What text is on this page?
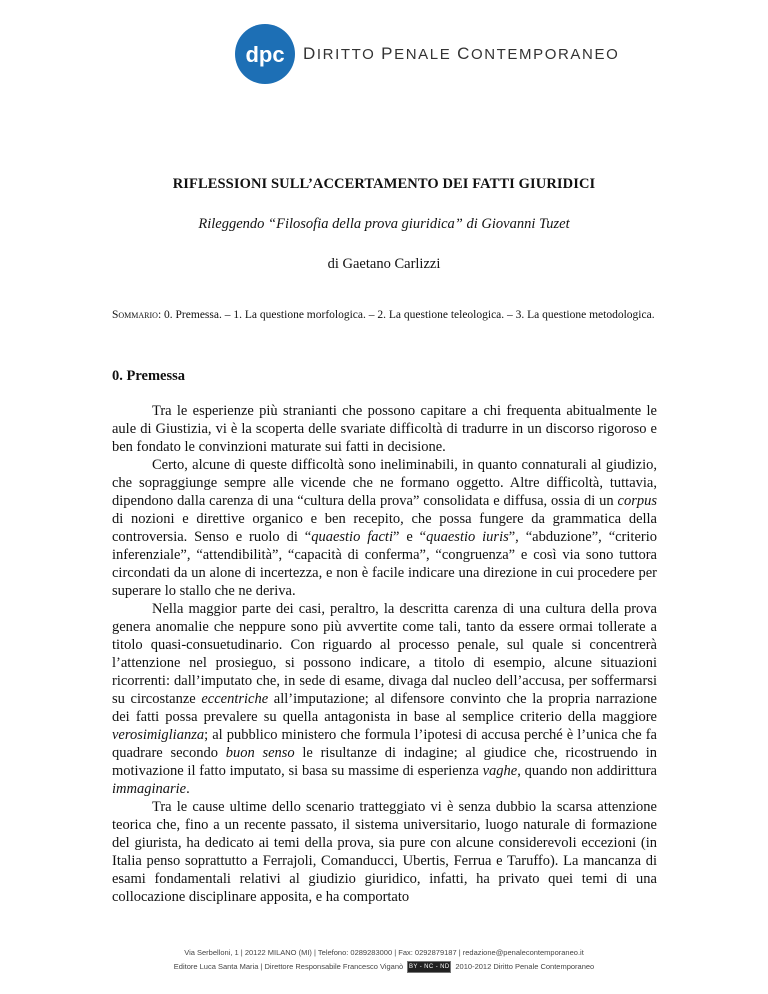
dpc DIRITTO PENALE CONTEMPORANEO
RIFLESSIONI SULL’ACCERTAMENTO DEI FATTI GIURIDICI
Rileggendo “Filosofia della prova giuridica” di Giovanni Tuzet
di Gaetano Carlizzi
Sommario: 0. Premessa. – 1. La questione morfologica. – 2. La questione teleologica. – 3. La questione metodologica.
0. Premessa

Tra le esperienze più stranianti che possono capitare a chi frequenta abitualmente le aule di Giustizia, vi è la scoperta delle svariate difficoltà di tradurre in un discorso rigoroso e ben fondato le convinzioni maturate sui fatti in decisione.

Certo, alcune di queste difficoltà sono ineliminabili, in quanto connaturali al giudizio, che sopraggiunge sempre alle vicende che ne formano oggetto. Altre difficoltà, tuttavia, dipendono dalla carenza di una “cultura della prova” consolidata e diffusa, ossia di un corpus di nozioni e direttive organico e ben recepito, che possa fungere da grammatica della controversia. Senso e ruolo di “quaestio facti” e “quaestio iuris”, “abduzione”, “criterio inferenziale”, “attendibilità”, “capacità di conferma”, “congruenza” e così via sono tuttora circondati da un alone di incertezza, e non è facile indicare una direzione in cui procedere per superare lo stallo che ne deriva.

Nella maggior parte dei casi, peraltro, la descritta carenza di una cultura della prova genera anomalie che neppure sono più avvertite come tali, tanto da essere ormai tollerate a titolo quasi-consuetudinario. Con riguardo al processo penale, sul quale si concentrerà l’attenzione nel prosieguo, si possono indicare, a titolo di esempio, alcune situazioni ricorrenti: dall’imputato che, in sede di esame, divaga dal nucleo dell’accusa, per soffermarsi su circostanze eccentriche all’imputazione; al difensore convinto che la propria narrazione dei fatti possa prevalere su quella antagonista in base al semplice criterio della maggiore verosimiglianza; al pubblico ministero che formula l’ipotesi di accusa perché è l’unica che fa quadrare secondo buon senso le risultanze di indagine; al giudice che, ricostruendo in motivazione il fatto imputato, si basa su massime di esperienza vaghe, quando non addirittura immaginarie.

Tra le cause ultime dello scenario tratteggiato vi è senza dubbio la scarsa attenzione teorica che, fino a un recente passato, il sistema universitario, luogo naturale di formazione del giurista, ha dedicato ai temi della prova, sia pure con alcune considerevoli eccezioni (in Italia penso soprattutto a Ferrajoli, Comanducci, Ubertis, Ferrua e Taruffo). La mancanza di esami fondamentali relativi al giudizio giuridico, infatti, ha privato quei temi di una collocazione disciplinare apposita, e ha comportato

Via Serbelloni, 1 | 20122 MILANO (MI) | Telefono: 0289283000 | Fax: 0292879187 | redazione@penalecontemporaneo.it
Editore Luca Santa Maria | Direttore Responsabile Francesco Viganò BY - NC - ND 2010-2012 Diritto Penale Contemporaneo
